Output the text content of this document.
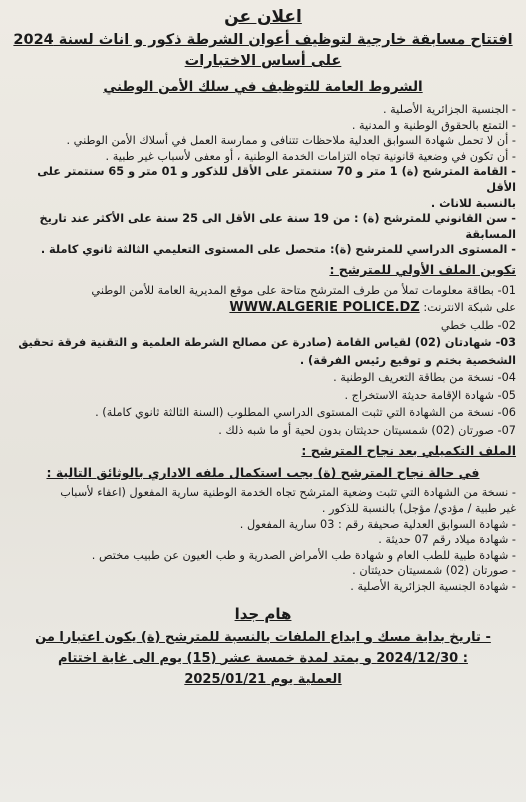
اعلان عن
افتتاح مسابقة خارجية لتوظيف أعوان الشرطة ذكور و اناث لسنة 2024
على أساس الاختبارات
الشروط العامة للتوظيف في سلك الأمن الوطني
- الجنسية الجزائرية الأصلية .
- التمتع بالحقوق الوطنية و المدنية .
- أن لا تحمل شهادة السوابق العدلية ملاحظات تتنافى و ممارسة العمل في أسلاك الأمن الوطني .
- أن تكون في وضعية قانونية تجاه التزامات الخدمة الوطنية ، أو معفى لأسباب غير طبية .
- القامة المترشح (ة) 1 متر و 70 سنتمتر على الأقل للذكور و 01 متر و 65 سنتمتر على الأقل
بالنسبة للاناث .
- سن القانوني للمترشح (ة) : من 19 سنة على الأقل الى 25 سنة على الأكثر عند تاريخ المسابقة
- المستوى الدراسي للمترشح (ة): متحصل على المستوى التعليمي الثالثة ثانوي كاملة .
تكوين الملف الأولي للمترشح :
01- بطاقة معلومات تملأ من طرف المترشح متاحة على موقع المديرية العامة للأمن الوطني
على شبكة الانترنت: WWW.ALGERIE POLICE.DZ
02- طلب خطي
03- شهادتان (02) لقياس القامة (صادرة عن مصالح الشرطة العلمية و التقنية فرقة تحقيق
الشخصية بختم و توقيع رئيس الفرقة) .
04- نسخة من بطاقة التعريف الوطنية .
05- شهادة الإقامة حديثة الاستخراج .
06- نسخة من الشهادة التي تثبت المستوى الدراسي المطلوب (السنة الثالثة ثانوي كاملة) .
07- صورتان (02) شمسيتان حديثتان بدون لحية أو ما شبه ذلك .
الملف التكميلي بعد نجاح المترشح :
في حالة نجاح المترشح (ة) يجب استكمال ملفه الاداري بالوثائق التالية :
- نسخة من الشهادة التي تثبت وضعية المترشح تجاه الخدمة الوطنية سارية المفعول (اعفاء لأسباب
غير طبية / مؤدي/ مؤجل) بالنسبة للذكور .
- شهادة السوابق العدلية صحيفة رقم : 03 سارية المفعول .
- شهادة ميلاد رقم 07 حديثة .
- شهادة طبية للطب العام و شهادة طب الأمراض الصدرية و طب العيون عن طبيب مختص .
- صورتان (02) شمسيتان حديثتان .
- شهادة الجنسية الجزائرية الأصلية .
هام جدا
- تاريخ بداية مسك و ايداع الملفات بالنسبة للمترشح (ة) يكون اعتبارا من
: 2024/12/30 و يمتد لمدة خمسة عشر (15) يوم الى غاية اختتام
العملية يوم 2025/01/21
